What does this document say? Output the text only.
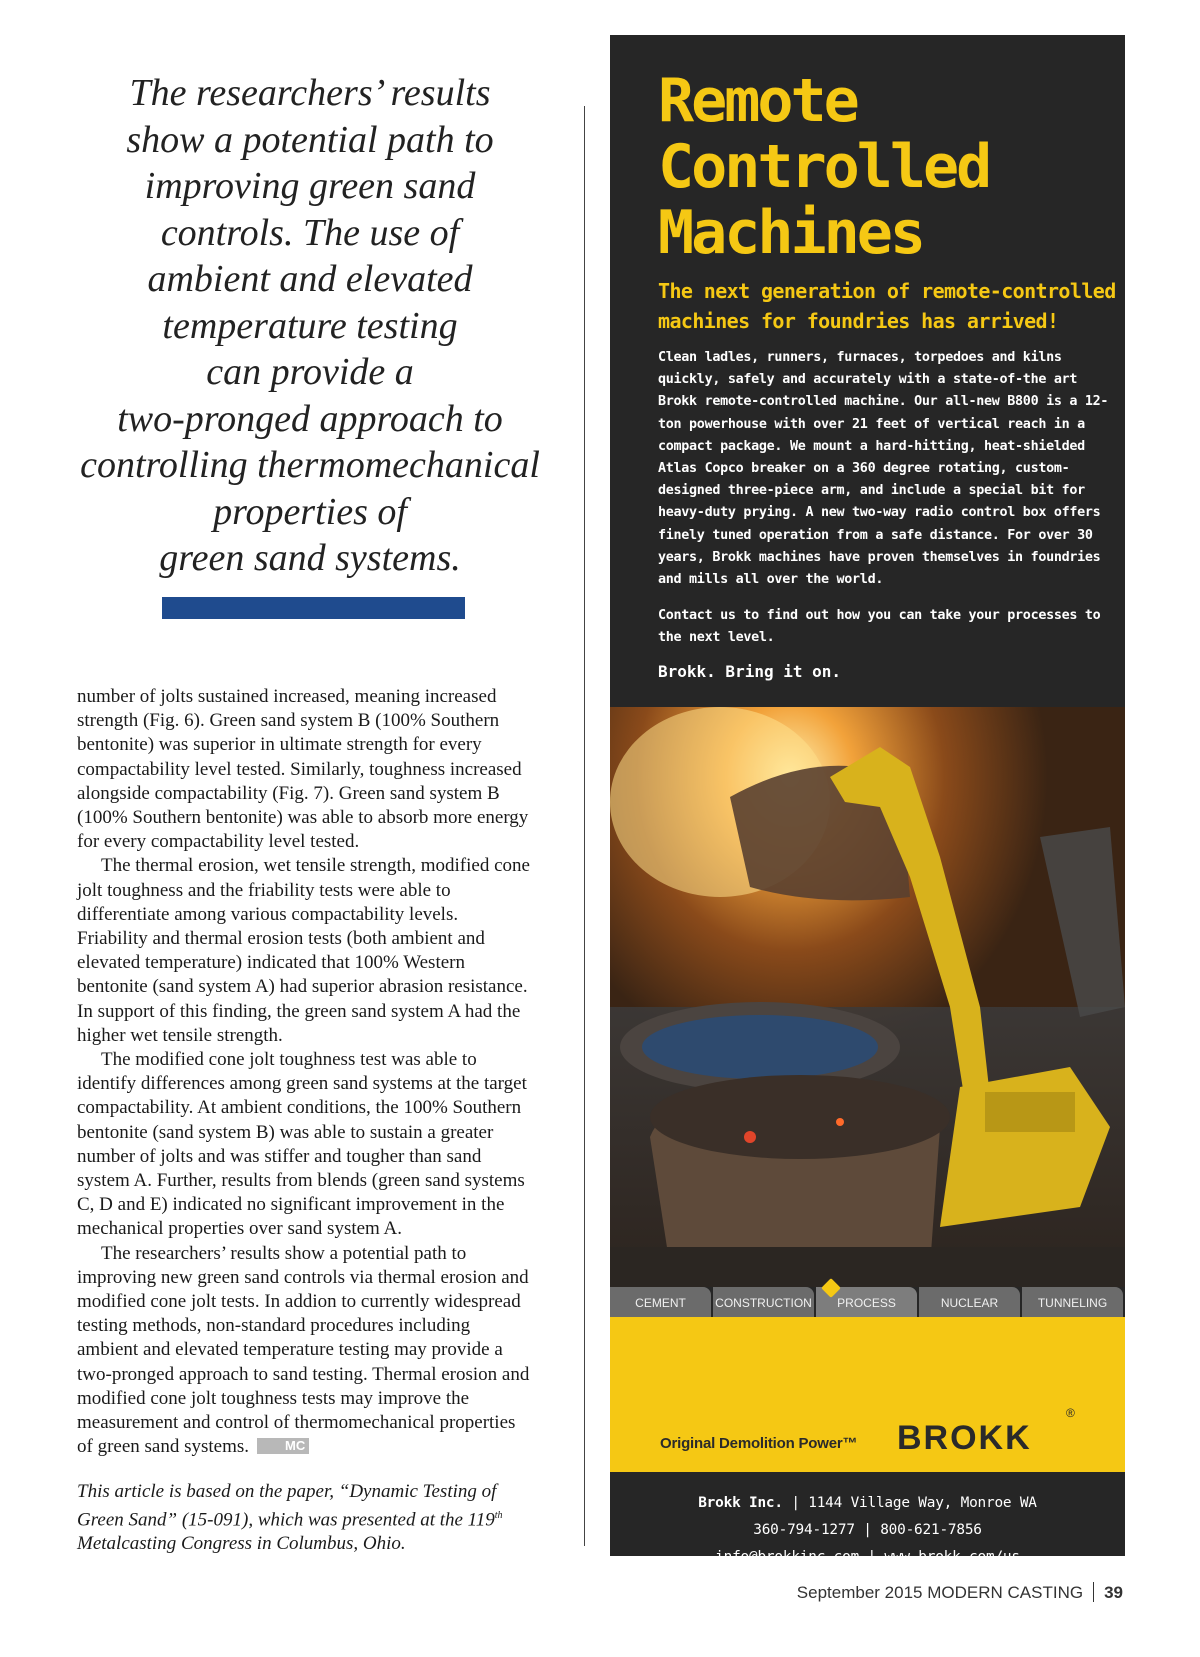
The researchers’ results
show a potential path to
improving green sand
controls. The use of
ambient and elevated
temperature testing
can provide a
two-pronged approach to
controlling thermomechanical
properties of
green sand systems.

number of jolts sustained increased, meaning increased strength (Fig. 6). Green sand system B (100% Southern bentonite) was superior in ultimate strength for every compactability level tested. Similarly, toughness increased alongside compactability (Fig. 7). Green sand system B (100% Southern bentonite) was able to absorb more energy for every compactability level tested.

The thermal erosion, wet tensile strength, modified cone jolt toughness and the friability tests were able to differentiate among various compactability levels. Friability and thermal erosion tests (both ambient and elevated temperature) indicated that 100% Western bentonite (sand system A) had superior abrasion resistance. In support of this finding, the green sand system A had the higher wet tensile strength.

The modified cone jolt toughness test was able to identify differences among green sand systems at the target compactability. At ambient conditions, the 100% Southern bentonite (sand system B) was able to sustain a greater number of jolts and was stiffer and tougher than sand system A. Further, results from blends (green sand systems C, D and E) indicated no significant improvement in the mechanical properties over sand system A.

The researchers’ results show a potential path to improving new green sand controls via thermal erosion and modified cone jolt tests. In addion to currently widespread testing methods, non-standard procedures including ambient and elevated temperature testing may provide a two-pronged approach to sand testing. Thermal erosion and modified cone jolt toughness tests may improve the measurement and control of thermomechanical properties of green sand systems.	MC

This article is based on the paper, “Dynamic Testing of Green Sand” (15-091), which was presented at the 119th Metalcasting Congress in Columbus, Ohio.
Remote
Controlled
Machines
The next generation of remote-controlled machines for foundries has arrived!
Clean ladles, runners, furnaces, torpedoes and kilns quickly, safely and accurately with a state-of-the art Brokk remote-controlled machine. Our all-new B800 is a 12-ton powerhouse with over 21 feet of vertical reach in a compact package. We mount a hard-hitting, heat-shielded Atlas Copco breaker on a 360 degree rotating, custom-designed three-piece arm, and include a special bit for heavy-duty prying. A new two-way radio control box offers finely tuned operation from a safe distance. For over 30 years, Brokk machines have proven themselves in foundries and mills all over the world.
Contact us to find out how you can take your processes to the next level.
Brokk. Bring it on.
CEMENT	CONSTRUCTION PROCESS	NUCLEAR	TUNNELING
Original Demolition Power™	BROKK
®
Brokk Inc. | 1144 Village Way, Monroe WA
360-794-1277 | 800-621-7856
info@brokkinc.com | www.brokk.com/us
September 2015 MODERN CASTING 39
